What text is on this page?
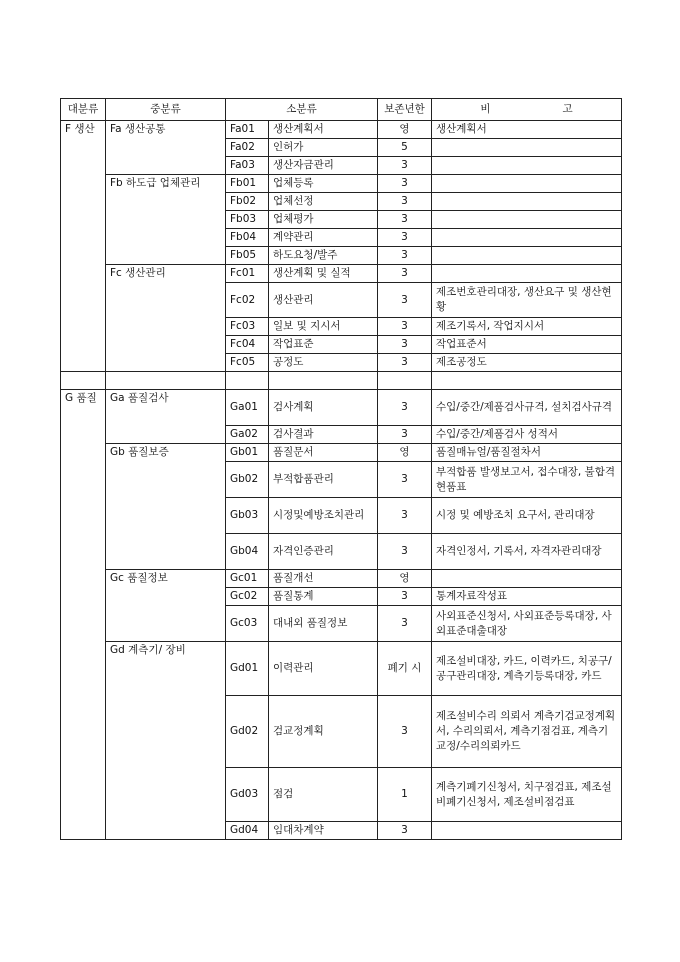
대분류	중분류	소분류		보존년한	비 고
F 생산	Fa 생산공통	Fa01	생산계획서	영	생산계획서
		Fa02	인허가	5	
		Fa03	생산자금관리	3	
	Fb 하도급 업체관리	Fb01	업체등록	3	
		Fb02	업체선정	3	
		Fb03	업체평가	3	
		Fb04	계약관리	3	
		Fb05	하도요청/발주	3	
	Fc 생산관리	Fc01	생산계획 및 실적	3	
		Fc02	생산관리	3	제조번호관리대장, 생산요구 및 생산현황
		Fc03	일보 및 지시서	3	제조기록서, 작업지시서
		Fc04	작업표준	3	작업표준서
		Fc05	공정도	3	제조공정도

G 품질	Ga 품질검사	Ga01	검사계획	3	수입/중간/제품검사규격, 설치검사규격
		Ga02	검사결과	3	수입/중간/제품검사 성적서
	Gb 품질보증	Gb01	품질문서	영	품질매뉴얼/품질절차서
		Gb02	부적합품관리	3	부적합품 발생보고서, 접수대장, 불합격현품표
		Gb03	시정및예방조치관리	3	시정 및 예방조치 요구서, 관리대장
		Gb04	자격인증관리	3	자격인정서, 기록서, 자격자관리대장
	Gc 품질정보	Gc01	품질개선	영	
		Gc02	품질통계	3	통계자료작성표
		Gc03	대내외 품질정보	3	사외표준신청서, 사외표준등록대장, 사외표준대출대장
	Gd 계측기/ 장비	Gd01	이력관리	폐기 시	제조설비대장, 카드, 이력카드, 치공구/공구관리대장, 계측기등록대장, 카드
		Gd02	검교정계획	3	제조설비수리 의뢰서 계측기검교정계획서, 수리의뢰서, 계측기점검표, 계측기교정/수리의뢰카드
		Gd03	점검	1	계측기폐기신청서, 치구점검표, 제조설비폐기신청서, 제조설비점검표
		Gd04	임대차계약	3	
